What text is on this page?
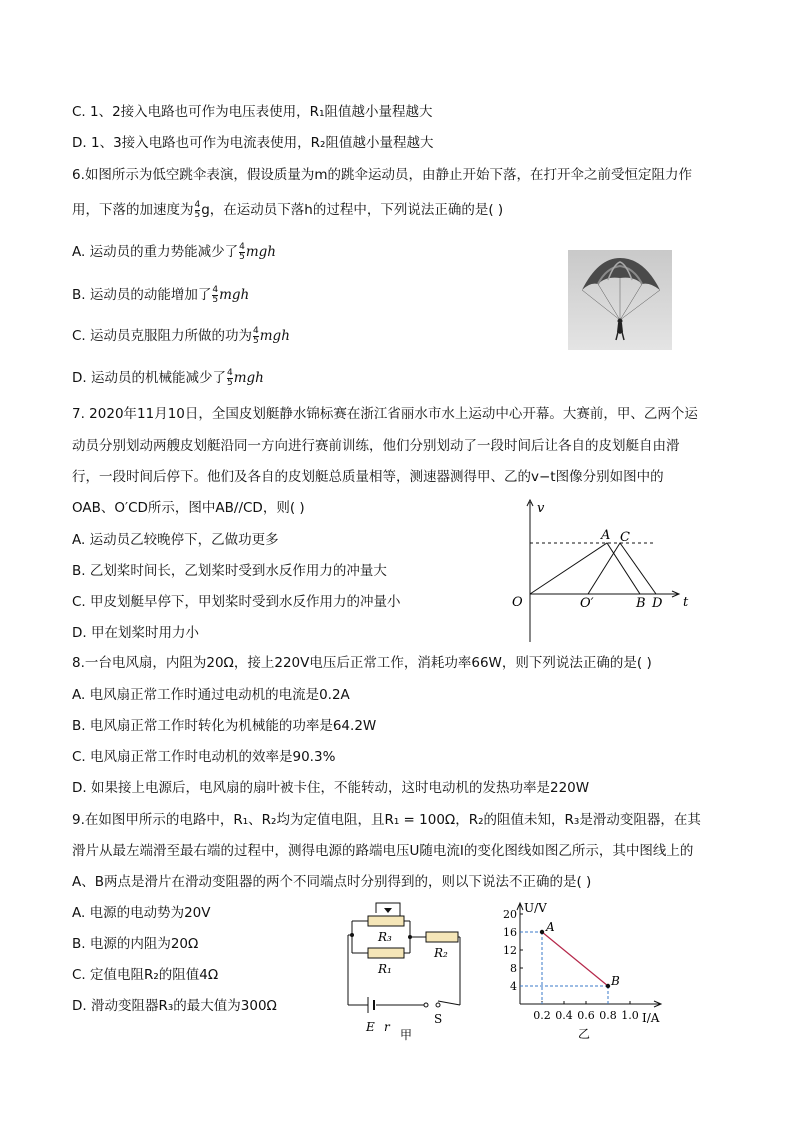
C. 1、2接入电路也可作为电压表使用，R₁阻值越小量程越大
D. 1、3接入电路也可作为电流表使用，R₂阻值越小量程越大
6.如图所示为低空跳伞表演，假设质量为m的跳伞运动员，由静止开始下落，在打开伞之前受恒定阻力作
用，下落的加速度为 $\frac{4}{5}$ g，在运动员下落h的过程中，下列说法正确的是( )
A. 运动员的重力势能减少了 $\frac{4}{5}$ mgh
B. 运动员的动能增加了 $\frac{4}{5}$ mgh
C. 运动员克服阻力所做的功为 $\frac{4}{5}$ mgh
D. 运动员的机械能减少了 $\frac{4}{5}$ mgh
7. 2020年11月10日，全国皮划艇静水锦标赛在浙江省丽水市水上运动中心开幕。大赛前，甲、乙两个运
动员分别划动两艘皮划艇沿同一方向进行赛前训练，他们分别划动了一段时间后让各自的皮划艇自由滑
行，一段时间后停下。他们及各自的皮划艇总质量相等，测速器测得甲、乙的v−t图像分别如图中的
OAB、O′CD所示，图中AB//CD，则( )
A. 运动员乙较晚停下，乙做功更多
B. 乙划桨时间长，乙划桨时受到水反作用力的冲量大
C. 甲皮划艇早停下，甲划桨时受到水反作用力的冲量小
D. 甲在划桨时用力小
v
t
O	O′
A C
B D
8.一台电风扇，内阻为20Ω，接上220V电压后正常工作，消耗功率66W，则下列说法正确的是( )
A. 电风扇正常工作时通过电动机的电流是0.2A
B. 电风扇正常工作时转化为机械能的功率是64.2W
C. 电风扇正常工作时电动机的效率是90.3%
D. 如果接上电源后，电风扇的扇叶被卡住，不能转动，这时电动机的发热功率是220W
9.在如图甲所示的电路中，R₁、R₂均为定值电阻，且R₁ = 100Ω，R₂的阻值未知，R₃是滑动变阻器，在其
滑片从最左端滑至最右端的过程中，测得电源的路端电压U随电流I的变化图线如图乙所示，其中图线上的
A、B两点是滑片在滑动变阻器的两个不同端点时分别得到的，则以下说法不正确的是( )
A. 电源的电动势为20V
B. 电源的内阻为20Ω
C. 定值电阻R₂的阻值4Ω
D. 滑动变阻器R₃的最大值为300Ω
R₃
R₁
R₂
E r
S
甲
U/V
I/A
乙
20
16
12
8
4
0.2 0.4 0.6 0.8 1.0
A
B
